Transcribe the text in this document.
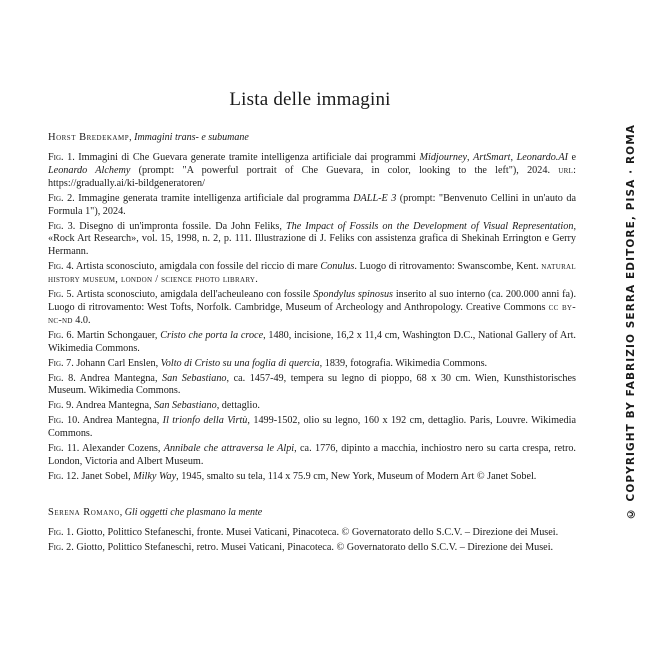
Lista delle immagini
Horst Bredekamp, Immagini trans- e subumane

Fig. 1. Immagini di Che Guevara generate tramite intelligenza artificiale dai programmi Midjourney, ArtSmart, Leonardo.AI e Leonardo Alchemy (prompt: "A powerful portrait of Che Guevara, in color, looking to the left"), 2024. url: https://gradually.ai/ki-bildgeneratoren/

Fig. 2. Immagine generata tramite intelligenza artificiale dal programma DALL-E 3 (prompt: "Benvenuto Cellini in un'auto da Formula 1"), 2024.

Fig. 3. Disegno di un'impronta fossile. Da John Feliks, The Impact of Fossils on the Development of Visual Representation, «Rock Art Research», vol. 15, 1998, n. 2, p. 111. Illustrazione di J. Feliks con assistenza grafica di Shekinah Errington e Gerry Hermann.

Fig. 4. Artista sconosciuto, amigdala con fossile del riccio di mare Conulus. Luogo di ritrovamento: Swanscombe, Kent. natural history museum, london / science photo library.

Fig. 5. Artista sconosciuto, amigdala dell'acheuleano con fossile Spondylus spinosus inserito al suo interno (ca. 200.000 anni fa). Luogo di ritrovamento: West Tofts, Norfolk. Cambridge, Museum of Archeology and Anthropology. Creative Commons cc by-nc-nd 4.0.

Fig. 6. Martin Schongauer, Cristo che porta la croce, 1480, incisione, 16,2 x 11,4 cm, Washington D.C., National Gallery of Art. Wikimedia Commons.

Fig. 7. Johann Carl Enslen, Volto di Cristo su una foglia di quercia, 1839, fotografia. Wikimedia Commons.

Fig. 8. Andrea Mantegna, San Sebastiano, ca. 1457-49, tempera su legno di pioppo, 68 x 30 cm. Wien, Kunsthistorisches Museum. Wikimedia Commons.

Fig. 9. Andrea Mantegna, San Sebastiano, dettaglio.

Fig. 10. Andrea Mantegna, Il trionfo della Virtù, 1499-1502, olio su legno, 160 x 192 cm, dettaglio. Paris, Louvre. Wikimedia Commons.

Fig. 11. Alexander Cozens, Annibale che attraversa le Alpi, ca. 1776, dipinto a macchia, inchiostro nero su carta crespa, retro. London, Victoria and Albert Museum.

Fig. 12. Janet Sobel, Milky Way, 1945, smalto su tela, 114 x 75.9 cm, New York, Museum of Modern Art © Janet Sobel.

Serena Romano, Gli oggetti che plasmano la mente

Fig. 1. Giotto, Polittico Stefaneschi, fronte. Musei Vaticani, Pinacoteca. © Governatorato dello S.C.V. – Direzione dei Musei.

Fig. 2. Giotto, Polittico Stefaneschi, retro. Musei Vaticani, Pinacoteca. © Governatorato dello S.C.V. – Direzione dei Musei.

© COPYRIGHT BY FABRIZIO SERRA EDITORE, PISA · ROMA
